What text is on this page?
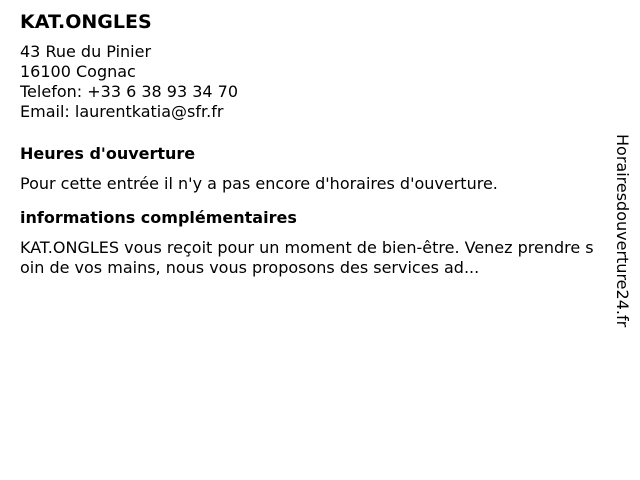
KAT.ONGLES
43 Rue du Pinier
16100 Cognac
Telefon: +33 6 38 93 34 70
Email: laurentkatia@sfr.fr
Heures d'ouverture
Pour cette entrée il n'y a pas encore d'horaires d'ouverture.
informations complémentaires
KAT.ONGLES vous reçoit pour un moment de bien-être. Venez prendre soin de vos mains, nous vous proposons des services ad...	Horairesdouverture24.fr
